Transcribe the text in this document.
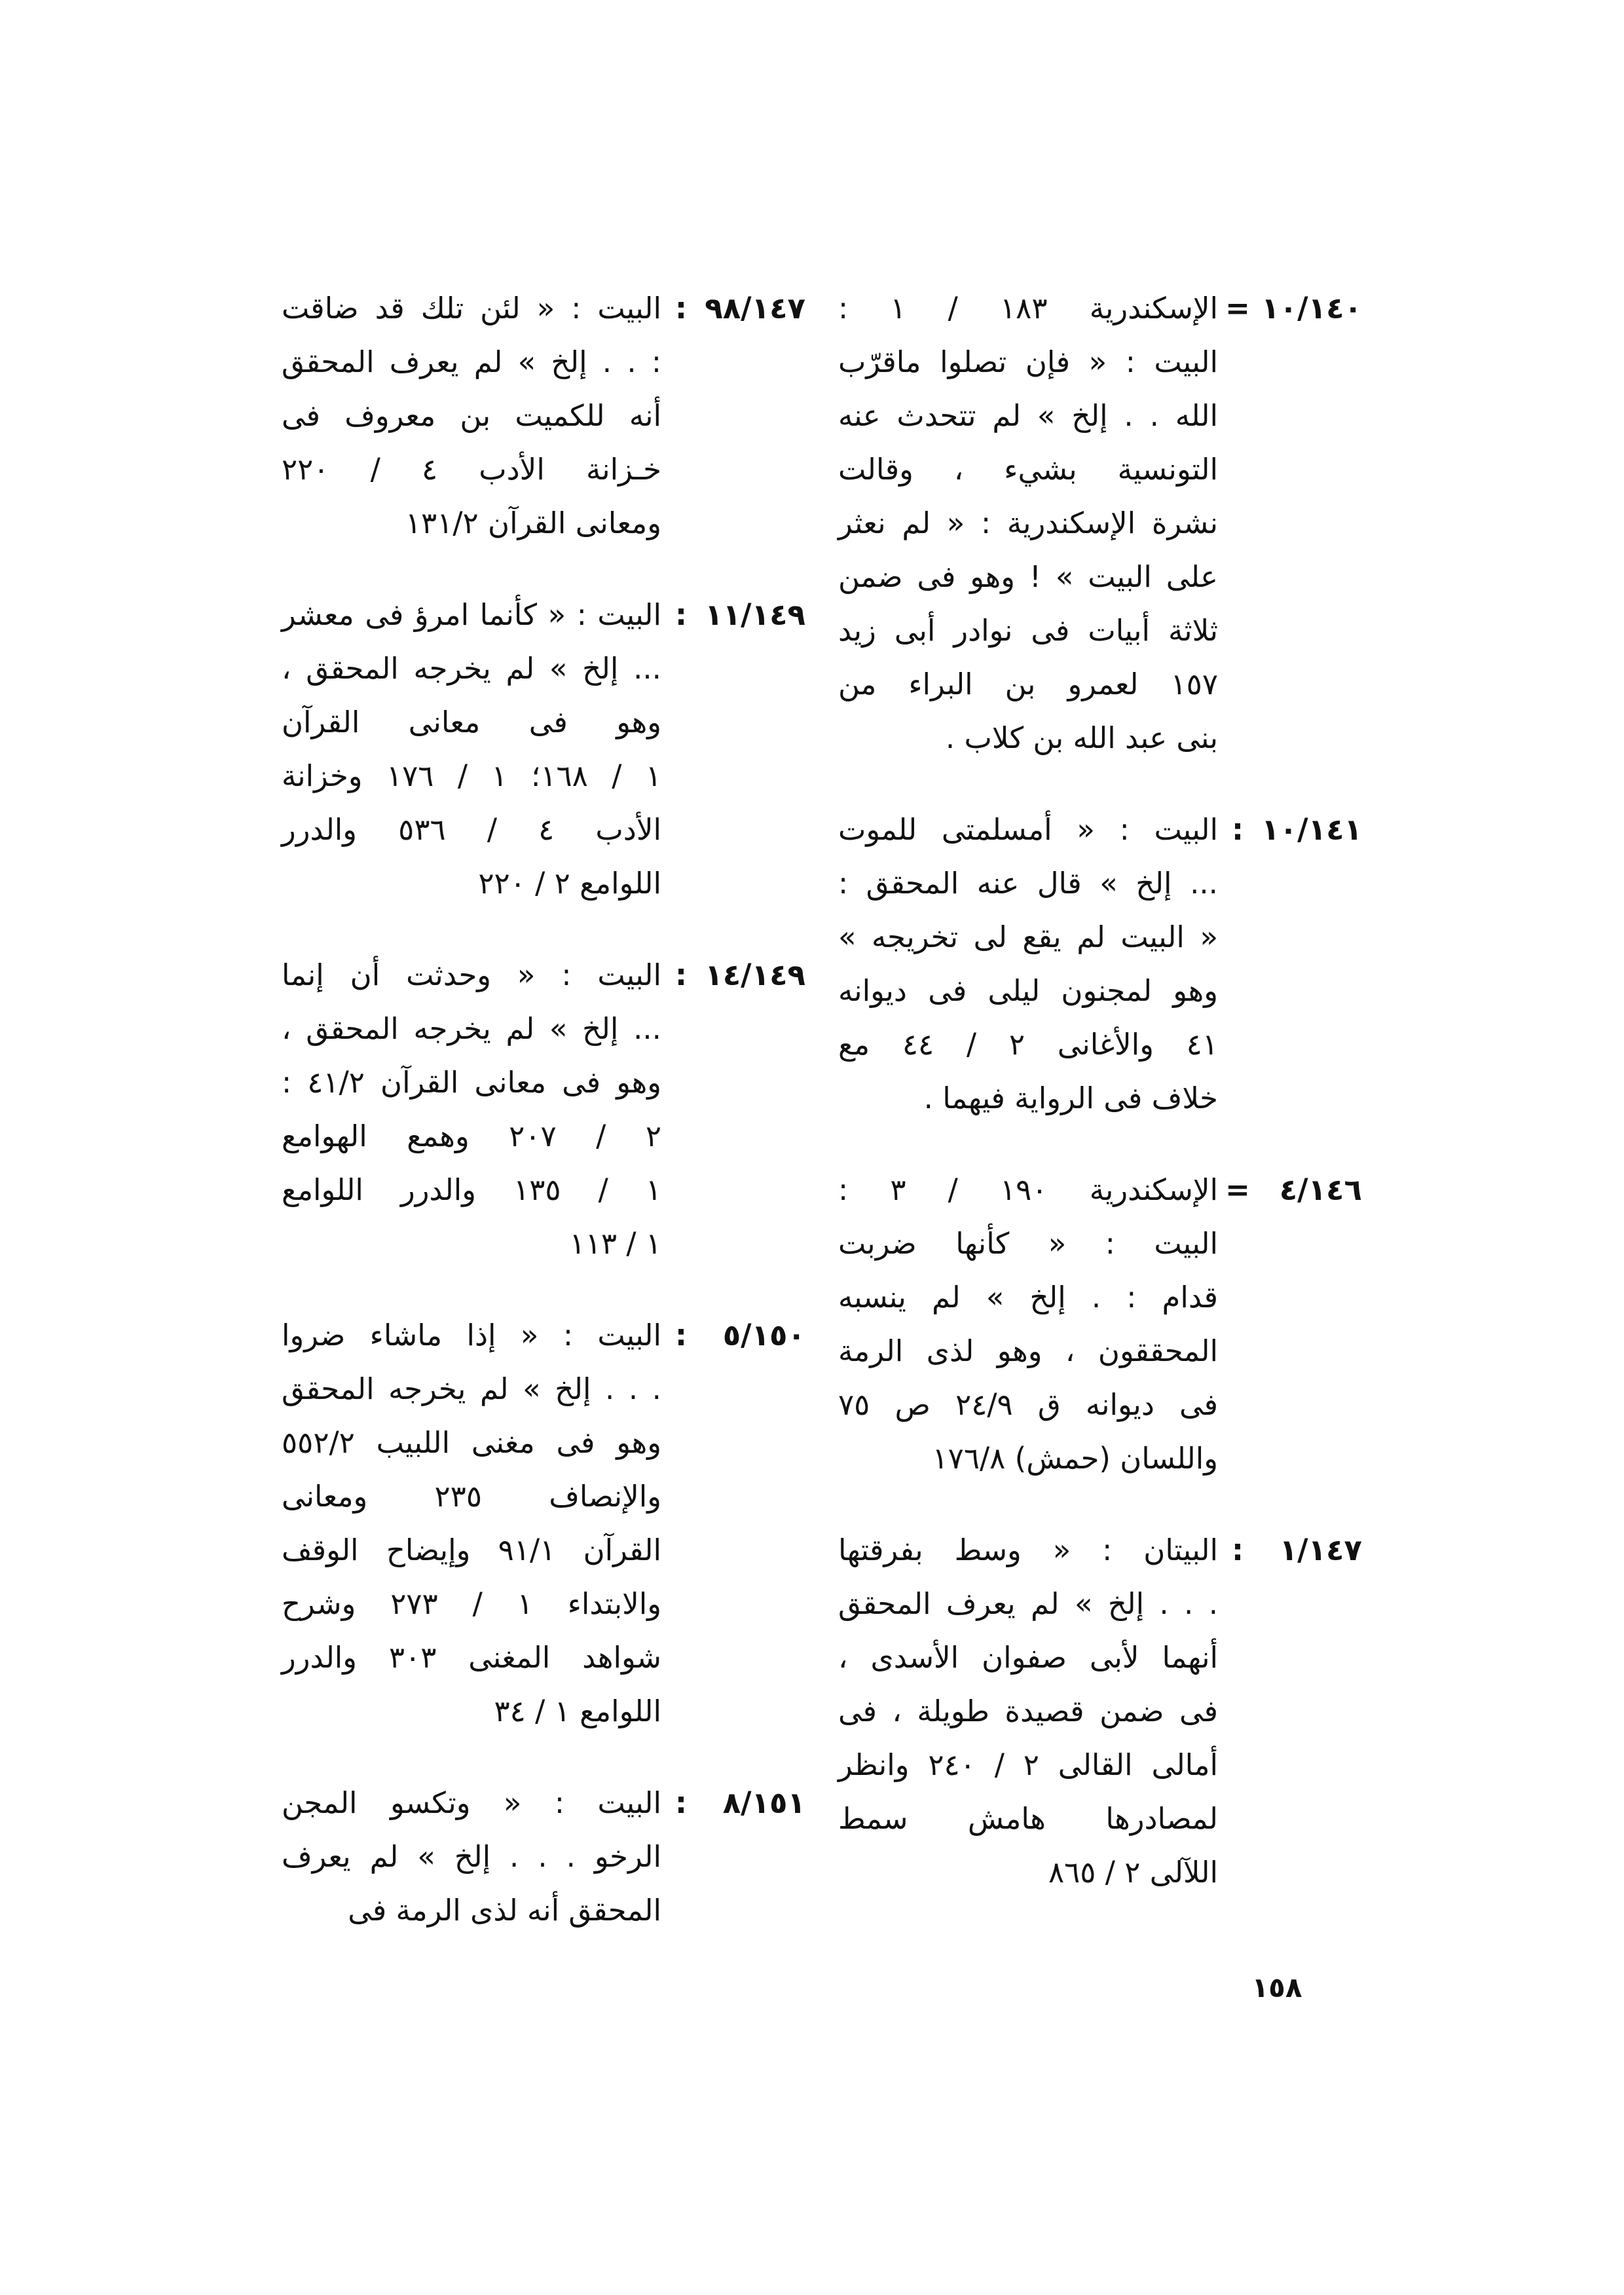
١٠/١٤٠
=
الإسكندرية ١٨٣ / ١ :
البيت : « فإن تصلوا ماقرّب
الله . . إلخ » لم تتحدث عنه
التونسية بشيء ، وقالت
نشرة الإسكندرية : « لم نعثر
على البيت » ! وهو فى ضمن
ثلاثة أبيات فى نوادر أبى زيد
١٥٧ لعمرو بن البراء من
بنى عبد الله بن كلاب .
١٠/١٤١
:
البيت : « أمسلمتى للموت
... إلخ » قال عنه المحقق :
« البيت لم يقع لى تخريجه »
وهو لمجنون ليلى فى ديوانه
٤١ والأغانى ٢ / ٤٤ مع
خلاف فى الرواية فيهما .
٤/١٤٦
=
الإسكندرية ١٩٠ / ٣ :
البيت : « كأنها ضربت
قدام : . إلخ » لم ينسبه
المحققون ، وهو لذى الرمة
فى ديوانه ق ٢٤/٩ ص ٧٥
واللسان (حمش) ١٧٦/٨
١/١٤٧
:
البيتان : « وسط بفرقتها
. . . إلخ » لم يعرف المحقق
أنهما لأبى صفوان الأسدى ،
فى ضمن قصيدة طويلة ، فى
أمالى القالى ٢ / ٢٤٠ وانظر
لمصادرها هامش سمط
اللآلى ٢ / ٨٦٥
٩٨/١٤٧
:
البيت : « لئن تلك قد ضاقت
: . . إلخ » لم يعرف المحقق
أنه للكميت بن معروف فى
خـزانة الأدب ٤ / ٢٢٠
ومعانى القرآن ١٣١/٢
١١/١٤٩
:
البيت : « كأنما امرؤ فى معشر
... إلخ » لم يخرجه المحقق ،
وهو فى معانى القرآن
١ / ١٦٨؛ ١ / ١٧٦ وخزانة
الأدب ٤ / ٥٣٦ والدرر
اللوامع ٢ / ٢٢٠
١٤/١٤٩
:
البيت : « وحدثت أن إنما
... إلخ » لم يخرجه المحقق ،
وهو فى معانى القرآن ٤١/٢ :
٢ / ٢٠٧ وهمع الهوامع
١ / ١٣٥ والدرر اللوامع
١ / ١١٣
٥/١٥٠
:
البيت : « إذا ماشاء ضروا
. . . إلخ » لم يخرجه المحقق
وهو فى مغنى اللبيب ٥٥٢/٢
والإنصاف ٢٣٥ ومعانى
القرآن ٩١/١ وإيضاح الوقف
والابتداء ١ / ٢٧٣ وشرح
شواهد المغنى ٣٠٣ والدرر
اللوامع ١ / ٣٤
٨/١٥١
:
البيت : « وتكسو المجن
الرخو . . . إلخ » لم يعرف
المحقق أنه لذى الرمة فى
١٥٨
